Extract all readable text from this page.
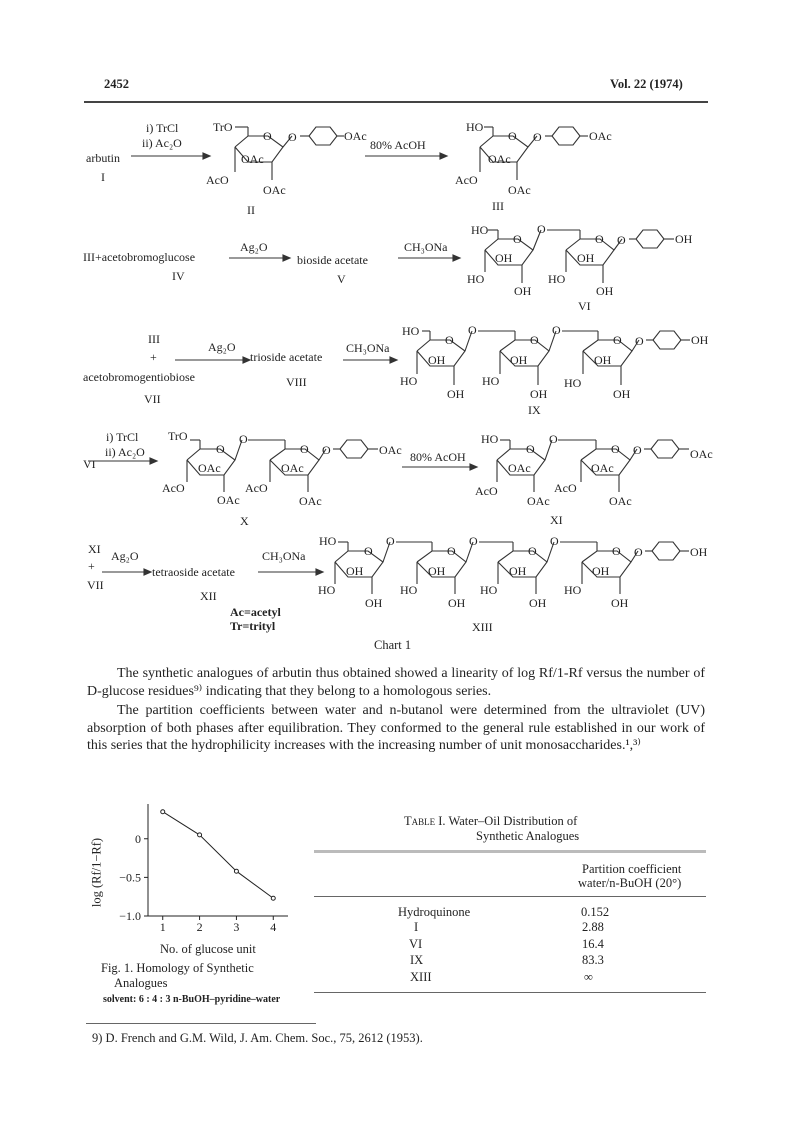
2452	Vol. 22 (1974)
i) TrCl
ii) Ac₂O
arbutin
I
80% AcOH
II	III
III+acetobromoglucose
IV
Ag₂O
bioside acetate
V
CH₃ONa
VI
III
+
acetobromogentiobiose
VII
Ag₂O
trioside acetate
VIII
CH₃ONa
IX
i) TrCl
ii) Ac₂O
VI	80% AcOH
X	XI
XI
+
VII
Ag₂O
tetraoside acetate
XII
CH₃ONa
Ac=acetyl
Tr=trityl	XIII
Chart 1
TrO
O O	OAc
OAc
AcO
OAc
HO
O O	OAc
OAc
AcO
OAc
HO
O
O
O O	OH
OH	OH
HO	HO
OH	OH
HO
O
O
O
O
O O	OH
OH	OH	OH
HO	HO	HO
OH	OH	OH
TrO
O
O
O O	OAc
OAc	OAc
AcO	AcO
OAc	OAc
HO
O
O
O O	OAc
OAc	OAc
AcO	AcO
OAc	OAc
HO
O
O
O
O
O
O
O O	OH
OH	OH	OH	OH
HO	HO	HO	HO
OH	OH	OH	OH
The synthetic analogues of arbutin thus obtained showed a linearity of log Rf/1-Rf versus the number of D-glucose residues⁹⁾ indicating that they belong to a homologous series.
The partition coefficients between water and n-butanol were determined from the ultraviolet (UV) absorption of both phases after equilibration. They conformed to the general rule established in our work of this series that the hydrophilicity increases with the increasing number of unit monosaccharides.¹,³⁾
0
−0.5
−1.0
1	2	3	4
No. of glucose unit
log (Rf/1−Rf)
Fig. 1. Homology of Synthetic
Analogues
solvent: 6 : 4 : 3 n-BuOH–pyridine–water
Table I. Water–Oil Distribution of
Synthetic Analogues
Partition coefficient
water/n-BuOH (20°)
Hydroquinone	0.152
I	2.88
VI	16.4
IX	83.3
XIII	∞
9) D. French and G.M. Wild, J. Am. Chem. Soc., 75, 2612 (1953).
